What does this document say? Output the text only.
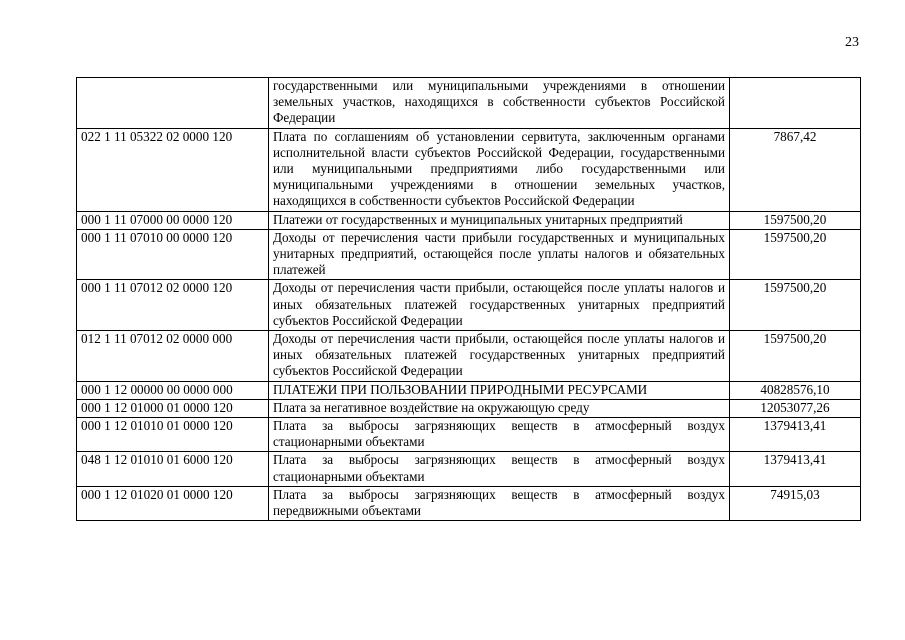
23
	государственными или муниципальными учреждениями в отношении земельных участков, находящихся в собственности субъектов Российской Федерации	
022 1 11 05322 02 0000 120	Плата по соглашениям об установлении сервитута, заключенным органами исполнительной власти субъектов Российской Федерации, государственными или муниципальными предприятиями либо государственными или муниципальными учреждениями в отношении земельных участков, находящихся в собственности субъектов Российской Федерации	7867,42
000 1 11 07000 00 0000 120	Платежи от государственных и муниципальных унитарных предприятий	1597500,20
000 1 11 07010 00 0000 120	Доходы от перечисления части прибыли государственных и муниципальных унитарных предприятий, остающейся после уплаты налогов и обязательных платежей	1597500,20
000 1 11 07012 02 0000 120	Доходы от перечисления части прибыли, остающейся после уплаты налогов и иных обязательных платежей государственных унитарных предприятий субъектов Российской Федерации	1597500,20
012 1 11 07012 02 0000 000	Доходы от перечисления части прибыли, остающейся после уплаты налогов и иных обязательных платежей государственных унитарных предприятий субъектов Российской Федерации	1597500,20
000 1 12 00000 00 0000 000	ПЛАТЕЖИ ПРИ ПОЛЬЗОВАНИИ ПРИРОДНЫМИ РЕСУРСАМИ	40828576,10
000 1 12 01000 01 0000 120	Плата за негативное воздействие на окружающую среду	12053077,26
000 1 12 01010 01 0000 120	Плата за выбросы загрязняющих веществ в атмосферный воздух стационарными объектами	1379413,41
048 1 12 01010 01 6000 120	Плата за выбросы загрязняющих веществ в атмосферный воздух стационарными объектами	1379413,41
000 1 12 01020 01 0000 120	Плата за выбросы загрязняющих веществ в атмосферный воздух передвижными объектами	74915,03
